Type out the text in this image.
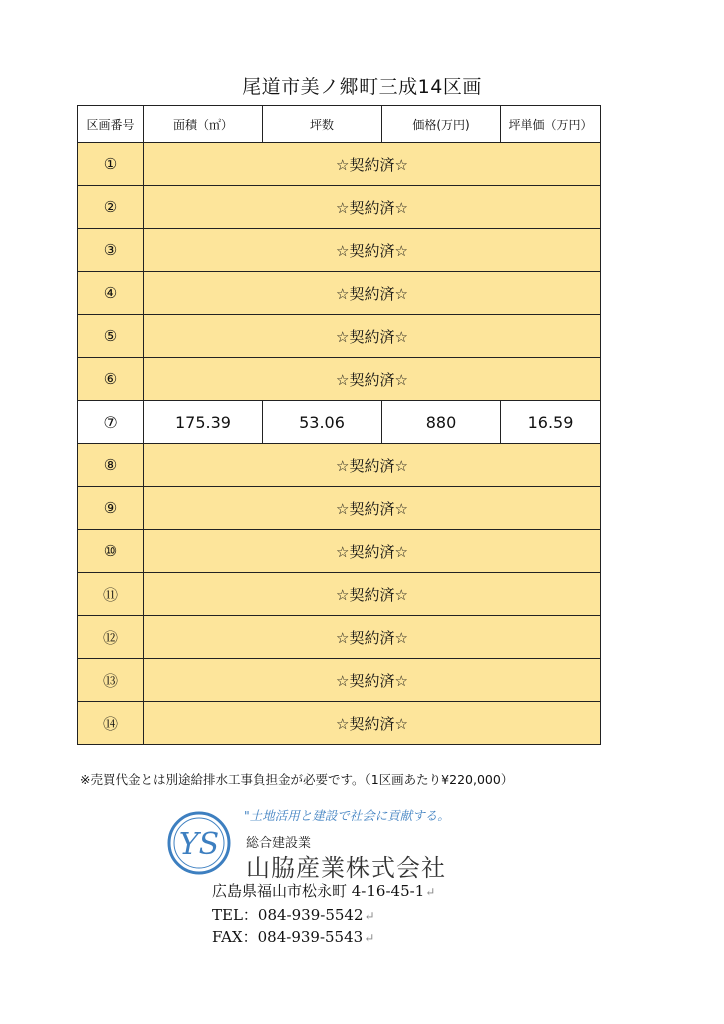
尾道市美ノ郷町三成14区画
区画番号	面積（㎡）	坪数	価格(万円)	坪単価（万円）
①	☆契約済☆			
②	☆契約済☆			
③	☆契約済☆			
④	☆契約済☆			
⑤	☆契約済☆			
⑥	☆契約済☆			
⑦	175.39	53.06	880	16.59
⑧	☆契約済☆			
⑨	☆契約済☆			
⑩	☆契約済☆			
⑪	☆契約済☆			
⑫	☆契約済☆			
⑬	☆契約済☆			
⑭	☆契約済☆			
※売買代金とは別途給排水工事負担金が必要です。（1区画あたり¥220,000）
YS
"土地活用と建設で社会に貢献する。
総合建設業
山脇産業株式会社
広島県福山市松永町 4-16-45-1↵
TEL：084-939-5542↵
FAX：084-939-5543↵
